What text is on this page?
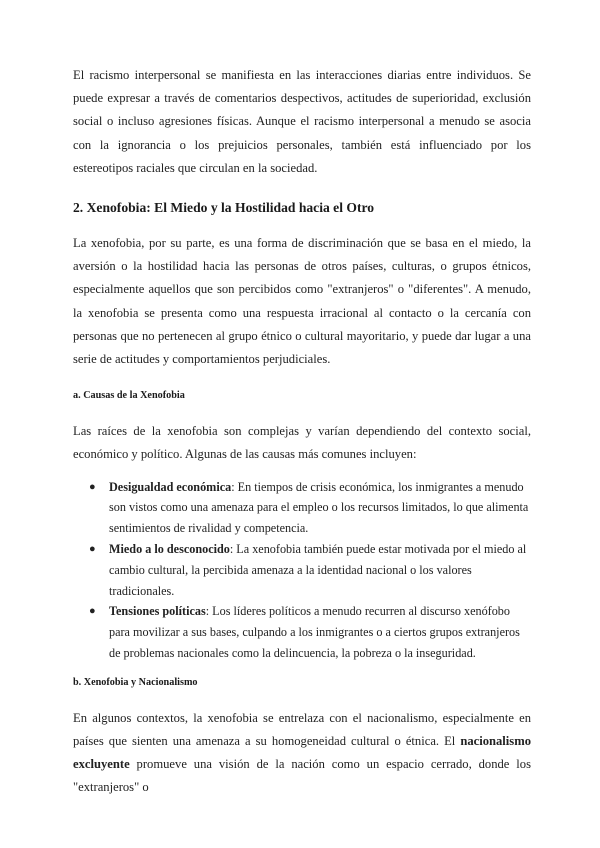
El racismo interpersonal se manifiesta en las interacciones diarias entre individuos. Se puede expresar a través de comentarios despectivos, actitudes de superioridad, exclusión social o incluso agresiones físicas. Aunque el racismo interpersonal a menudo se asocia con la ignorancia o los prejuicios personales, también está influenciado por los estereotipos raciales que circulan en la sociedad.

2. Xenofobia: El Miedo y la Hostilidad hacia el Otro

La xenofobia, por su parte, es una forma de discriminación que se basa en el miedo, la aversión o la hostilidad hacia las personas de otros países, culturas, o grupos étnicos, especialmente aquellos que son percibidos como "extranjeros" o "diferentes". A menudo, la xenofobia se presenta como una respuesta irracional al contacto o la cercanía con personas que no pertenecen al grupo étnico o cultural mayoritario, y puede dar lugar a una serie de actitudes y comportamientos perjudiciales.

a. Causas de la Xenofobia

Las raíces de la xenofobia son complejas y varían dependiendo del contexto social, económico y político. Algunas de las causas más comunes incluyen:

● Desigualdad económica: En tiempos de crisis económica, los inmigrantes a menudo son vistos como una amenaza para el empleo o los recursos limitados, lo que alimenta sentimientos de rivalidad y competencia.
● Miedo a lo desconocido: La xenofobia también puede estar motivada por el miedo al cambio cultural, la percibida amenaza a la identidad nacional o los valores tradicionales.
● Tensiones políticas: Los líderes políticos a menudo recurren al discurso xenófobo para movilizar a sus bases, culpando a los inmigrantes o a ciertos grupos extranjeros de problemas nacionales como la delincuencia, la pobreza o la inseguridad.
b. Xenofobia y Nacionalismo

En algunos contextos, la xenofobia se entrelaza con el nacionalismo, especialmente en países que sienten una amenaza a su homogeneidad cultural o étnica. El nacionalismo excluyente promueve una visión de la nación como un espacio cerrado, donde los "extranjeros" o
